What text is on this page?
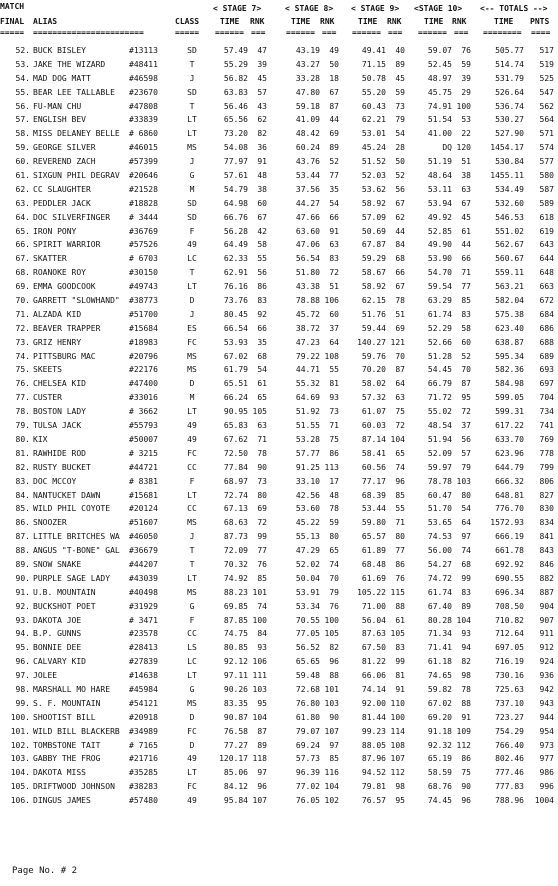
MATCH
FINAL ALIAS	CLASS
< STAGE 7>	< STAGE 8> < STAGE 9> <STAGE 10> <-- TOTALS -->
TIME RNK	TIME RNK	TIME RNK	TIME RNK	TIME PNTS
===== =======================	===== ====== ===	====== === ====== === ====== === ======== ====
52. BUCK BISLEY	#13113	SD	57.49	47	43.19	49	49.41	40	59.07	76	505.77	517
53. JAKE THE WIZARD	#48411	T	55.29	39	43.27	50	71.15	89	52.45	59	514.74	519
54. MAD DOG MATT	#46598	J	56.82	45	33.28	18	50.78	45	48.97	39	531.79	525
55. BEAR LEE TALLABLE #23670	SD	63.83	57	47.80	67	55.20	59	45.75	29	526.64	547
56. FU-MAN CHU	#47808	T	56.46	43	59.18	87	60.43	73	74.91 100	536.74	562
57. ENGLISH BEV	#33839	LT	65.56	62	41.09	44	62.21	79	51.54	53	530.27	564
58. MISS DELANEY BELLE # 6860	LT	73.20	82	48.42	69	53.01	54	41.00	22	527.90	571
59. GEORGE SILVER	#46015	MS	54.08	36	60.24	89	45.24	28	DQ 120	1454.17	574
60. REVEREND ZACH	#57399	J	77.97	91	43.76	52	51.52	50	51.19	51	530.84	577
61. SIXGUN PHIL DEGRAV #20646	G	57.61	48	53.44	77	52.03	52	48.64	38	1455.11	580
62. CC SLAUGHTER	#21528	M	54.79	38	37.56	35	53.62	56	53.11	63	534.49	587
63. PEDDLER JACK	#18828	SD	64.98	60	44.27	54	58.92	67	53.94	67	532.60	589
64. DOC SILVERFINGER # 3444	SD	66.76	67	47.66	66	57.09	62	49.92	45	546.53	618
65. IRON PONY	#36769	F	56.28	42	63.60	91	50.69	44	52.85	61	551.02	619
66. SPIRIT WARRIOR	#57526	49	64.49	58	47.06	63	67.87	84	49.90	44	562.67	643
67. SKATTER	# 6703	LC	62.33	55	56.54	83	59.29	68	53.90	66	560.67	644
68. ROANOKE ROY	#30150	T	62.91	56	51.80	72	58.67	66	54.70	71	559.11	648
69. EMMA GOODCOOK	#49743	LT	76.16	86	43.38	51	58.92	67	59.54	77	563.21	663
70. GARRETT "SLOWHAND" #38773	D	73.76	83	78.88 106	62.15	78	63.29	85	582.04	672
71. ALZADA KID	#51700	J	80.45	92	45.72	60	51.76	51	61.74	83	575.38	684
72. BEAVER TRAPPER	#15684	ES	66.54	66	38.72	37	59.44	69	52.29	58	623.40	686
73. GRIZ HENRY	#18983	FC	53.93	35	47.23	64	140.27 121	52.66	60	638.87	688
74. PITTSBURG MAC	#20796	MS	67.02	68	79.22 108	59.76	70	51.28	52	595.34	689
75. SKEETS	#22176	MS	61.79	54	44.71	55	70.20	87	54.45	70	582.36	693
76. CHELSEA KID	#47400	D	65.51	61	55.32	81	58.02	64	66.79	87	584.98	697
77. CUSTER	#33016	M	66.24	65	64.69	93	57.32	63	71.72	95	599.05	704
78. BOSTON LADY	# 3662	LT	90.95 105	51.92	73	61.07	75	55.02	72	599.31	734
79. TULSA JACK	#55793	49	65.83	63	51.55	71	60.03	72	48.54	37	617.22	741
80. KIX	#50007	49	67.62	71	53.28	75	87.14 104	51.94	56	633.70	769
81. RAWHIDE ROD	# 3215	FC	72.50	78	57.77	86	58.41	65	52.09	57	623.96	778
82. RUSTY BUCKET	#44721	CC	77.84	90	91.25 113	60.56	74	59.97	79	644.79	799
83. DOC MCCOY	# 8381	F	68.97	73	33.10	17	77.17	96	78.78 103	666.32	806
84. NANTUCKET DAWN	#15681	LT	72.74	80	42.56	48	68.39	85	60.47	80	648.81	827
85. WILD PHIL COYOTE #20124	CC	67.13	69	53.60	78	53.44	55	51.70	54	776.70	830
86. SNOOZER	#51607	MS	68.63	72	45.22	59	59.80	71	53.65	64	1572.93	834
87. LITTLE BRITCHES WA #46050	J	87.73	99	55.13	80	65.57	80	74.53	97	666.19	841
88. ANGUS "T-BONE" GAL #36679	T	72.09	77	47.29	65	61.89	77	56.00	74	661.78	843
89. SNOW SNAKE	#44207	T	70.32	76	52.02	74	68.48	86	54.27	68	692.92	846
90. PURPLE SAGE LADY #43039	LT	74.92	85	50.04	70	61.69	76	74.72	99	690.55	882
91. U.B. MOUNTAIN	#40498	MS	88.23 101	53.91	79	105.22 115	61.74	83	696.34	887
92. BUCKSHOT POET	#31929	G	69.85	74	53.34	76	71.00	88	67.40	89	708.50	904
93. DAKOTA JOE	# 3471	F	87.85 100	70.55 100	56.04	61	80.28 104	710.82	907
94. B.P. GUNNS	#23578	CC	74.75	84	77.05 105	87.63 105	71.34	93	712.64	911
95. BONNIE DEE	#28413	LS	80.85	93	56.52	82	67.50	83	71.41	94	697.05	912
96. CALVARY KID	#27839	LC	92.12 106	65.65	96	81.22	99	61.18	82	716.19	924
97. JOLEE	#14638	LT	97.11 111	59.48	88	66.06	81	74.65	98	730.16	936
98. MARSHALL MO HARE #45984	G	90.26 103	72.68 101	74.14	91	59.82	78	725.63	942
99. S. F. MOUNTAIN	#54121	MS	83.35	95	76.80 103	92.00 110	67.02	88	737.10	943
100. SHOOTIST BILL	#20918	D	90.87 104	61.80	90	81.44 100	69.20	91	723.27	944
101. WILD BILL BLACKERB #34989	FC	76.58	87	79.07 107	99.23 114	91.18 109	754.29	954
102. TOMBSTONE TAIT	# 7165	D	77.27	89	69.24	97	88.05 108	92.32 112	766.40	973
103. GABBY THE FROG	#21716	49	120.17 118	57.73	85	87.96 107	65.19	86	802.46	977
104. DAKOTA MISS	#35285	LT	85.06	97	96.39 116	94.52 112	58.59	75	777.46	986
105. DRIFTWOOD JOHNSON #38283	FC	84.12	96	77.02 104	79.81	98	68.76	90	777.83	996
106. DINGUS JAMES	#57480	49	95.84 107	76.05 102	76.57	95	74.45	96	788.96	1004
Page No. # 2
